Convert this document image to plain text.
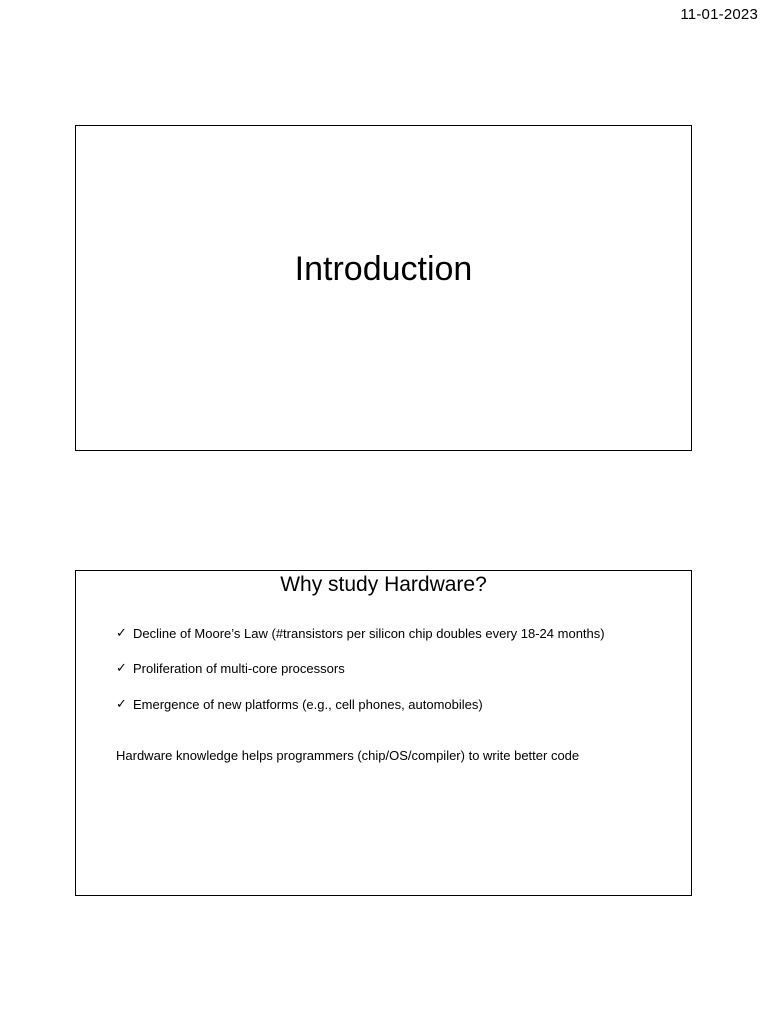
11-01-2023
Introduction
Why study Hardware?
✓ Decline of Moore’s Law (#transistors per silicon chip doubles every 18-24 months)
✓ Proliferation of multi-core processors
✓ Emergence of new platforms (e.g., cell phones, automobiles)

Hardware knowledge helps programmers (chip/OS/compiler) to write better code
